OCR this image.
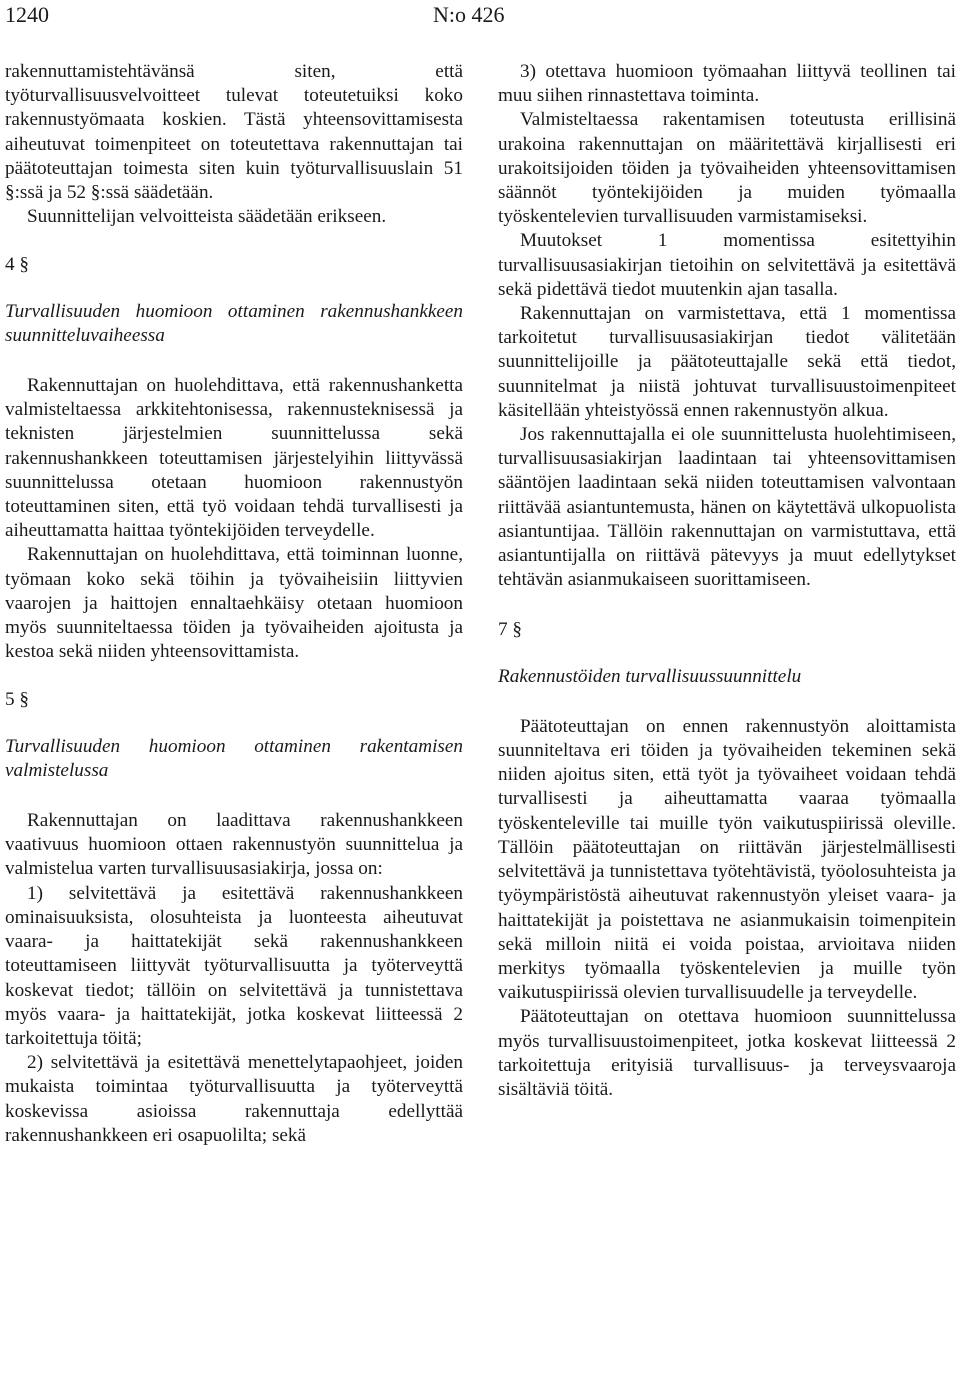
1240	N:o 426

rakennuttamistehtävänsä siten, että työturvallisuusvelvoitteet tulevat toteutetuiksi koko rakennustyömaata koskien. Tästä yhteensovittamisesta aiheutuvat toimenpiteet on toteutettava rakennuttajan tai päätoteuttajan toimesta siten kuin työturvallisuuslain 51 §:ssä ja 52 §:ssä säädetään.

Suunnittelijan velvoitteista säädetään erikseen.

4 §

Turvallisuuden huomioon ottaminen rakennushankkeen suunnitteluvaiheessa

Rakennuttajan on huolehdittava, että rakennushanketta valmisteltaessa arkkitehtonisessa, rakennusteknisessä ja teknisten järjestelmien suunnittelussa sekä rakennushankkeen toteuttamisen järjestelyihin liittyvässä suunnittelussa otetaan huomioon rakennustyön toteuttaminen siten, että työ voidaan tehdä turvallisesti ja aiheuttamatta haittaa työntekijöiden terveydelle.

Rakennuttajan on huolehdittava, että toiminnan luonne, työmaan koko sekä töihin ja työvaiheisiin liittyvien vaarojen ja haittojen ennaltaehkäisy otetaan huomioon myös suunniteltaessa töiden ja työvaiheiden ajoitusta ja kestoa sekä niiden yhteensovittamista.

5 §

Turvallisuuden huomioon ottaminen rakentamisen valmistelussa

Rakennuttajan on laadittava rakennushankkeen vaativuus huomioon ottaen rakennustyön suunnittelua ja valmistelua varten turvallisuusasiakirja, jossa on:

1) selvitettävä ja esitettävä rakennushankkeen ominaisuuksista, olosuhteista ja luonteesta aiheutuvat vaara- ja haittatekijät sekä rakennushankkeen toteuttamiseen liittyvät työturvallisuutta ja työterveyttä koskevat tiedot; tällöin on selvitettävä ja tunnistettava myös vaara- ja haittatekijät, jotka koskevat liitteessä 2 tarkoitettuja töitä;

2) selvitettävä ja esitettävä menettelytapaohjeet, joiden mukaista toimintaa työturvallisuutta ja työterveyttä koskevissa asioissa rakennuttaja edellyttää rakennushankkeen eri osapuolilta; sekä

3) otettava huomioon työmaahan liittyvä teollinen tai muu siihen rinnastettava toiminta.

Valmisteltaessa rakentamisen toteutusta erillisinä urakoina rakennuttajan on määritettävä kirjallisesti eri urakoitsijoiden töiden ja työvaiheiden yhteensovittamisen säännöt työntekijöiden ja muiden työmaalla työskentelevien turvallisuuden varmistamiseksi.

Muutokset 1 momentissa esitettyihin turvallisuusasiakirjan tietoihin on selvitettävä ja esitettävä sekä pidettävä tiedot muutenkin ajan tasalla.

Rakennuttajan on varmistettava, että 1 momentissa tarkoitetut turvallisuusasiakirjan tiedot välitetään suunnittelijoille ja päätoteuttajalle sekä että tiedot, suunnitelmat ja niistä johtuvat turvallisuustoimenpiteet käsitellään yhteistyössä ennen rakennustyön alkua.

Jos rakennuttajalla ei ole suunnittelusta huolehtimiseen, turvallisuusasiakirjan laadintaan tai yhteensovittamisen sääntöjen laadintaan sekä niiden toteuttamisen valvontaan riittävää asiantuntemusta, hänen on käytettävä ulkopuolista asiantuntijaa. Tällöin rakennuttajan on varmistuttava, että asiantuntijalla on riittävä pätevyys ja muut edellytykset tehtävän asianmukaiseen suorittamiseen.

7 §

Rakennustöiden turvallisuussuunnittelu

Päätoteuttajan on ennen rakennustyön aloittamista suunniteltava eri töiden ja työvaiheiden tekeminen sekä niiden ajoitus siten, että työt ja työvaiheet voidaan tehdä turvallisesti ja aiheuttamatta vaaraa työmaalla työskenteleville tai muille työn vaikutuspiirissä oleville. Tällöin päätoteuttajan on riittävän järjestelmällisesti selvitettävä ja tunnistettava työtehtävistä, työolosuhteista ja työympäristöstä aiheutuvat rakennustyön yleiset vaara- ja haittatekijät ja poistettava ne asianmukaisin toimenpitein sekä milloin niitä ei voida poistaa, arvioitava niiden merkitys työmaalla työskentelevien ja muille työn vaikutuspiirissä olevien turvallisuudelle ja terveydelle.

Päätoteuttajan on otettava huomioon suunnittelussa myös turvallisuustoimenpiteet, jotka koskevat liitteessä 2 tarkoitettuja erityisiä turvallisuus- ja terveysvaaroja sisältäviä töitä.
